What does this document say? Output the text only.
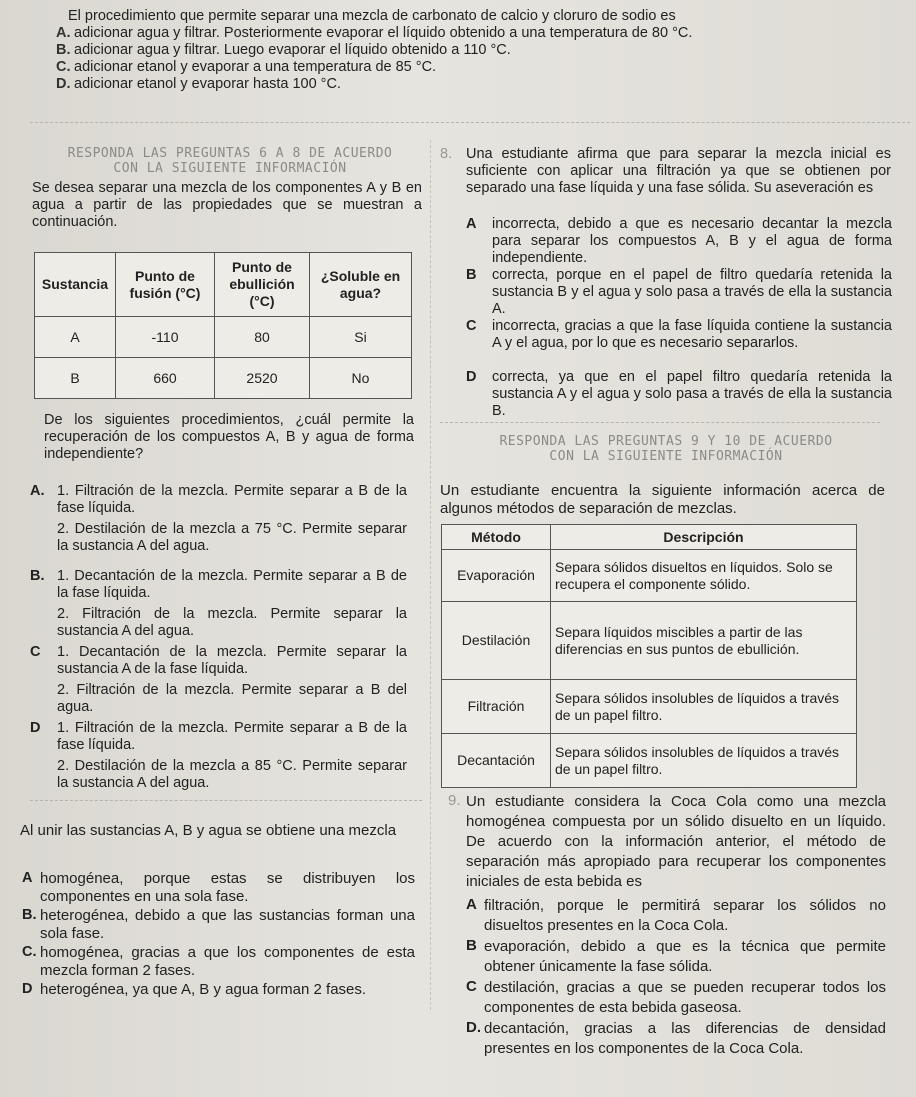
El procedimiento que permite separar una mezcla de carbonato de calcio y cloruro de sodio es
A. adicionar agua y filtrar. Posteriormente evaporar el líquido obtenido a una temperatura de 80 °C.
B. adicionar agua y filtrar. Luego evaporar el líquido obtenido a 110 °C.
C. adicionar etanol y evaporar a una temperatura de 85 °C.
D. adicionar etanol y evaporar hasta 100 °C.
RESPONDA LAS PREGUNTAS 6 A 8 DE ACUERDO
CON LA SIGUIENTE INFORMACIÓN
Se desea separar una mezcla de los componentes A y B en agua a partir de las propiedades que se muestran a continuación.
Sustancia	Punto de fusión (°C)	Punto de ebullición (°C)	¿Soluble en agua?
A	-110	80	Si
B	660	2520	No
De los siguientes procedimientos, ¿cuál permite la recuperación de los compuestos A, B y agua de forma independiente?
A. 1. Filtración de la mezcla. Permite separar a B de la fase líquida.
2. Destilación de la mezcla a 75 °C. Permite separar la sustancia A del agua.
B. 1. Decantación de la mezcla. Permite separar a B de la fase líquida.
2. Filtración de la mezcla. Permite separar la sustancia A del agua.
C 1. Decantación de la mezcla. Permite separar la sustancia A de la fase líquida.
2. Filtración de la mezcla. Permite separar a B del agua.
D 1. Filtración de la mezcla. Permite separar a B de la fase líquida.
2. Destilación de la mezcla a 85 °C. Permite separar la sustancia A del agua.
Al unir las sustancias A, B y agua se obtiene una mezcla
A homogénea, porque estas se distribuyen los componentes en una sola fase.
B. heterogénea, debido a que las sustancias forman una sola fase.
C. homogénea, gracias a que los componentes de esta mezcla forman 2 fases.
D heterogénea, ya que A, B y agua forman 2 fases.
8. Una estudiante afirma que para separar la mezcla inicial es suficiente con aplicar una filtración ya que se obtienen por separado una fase líquida y una fase sólida. Su aseveración es
A incorrecta, debido a que es necesario decantar la mezcla para separar los compuestos A, B y el agua de forma independiente.
B correcta, porque en el papel de filtro quedaría retenida la sustancia B y el agua y solo pasa a través de ella la sustancia A.
C incorrecta, gracias a que la fase líquida contiene la sustancia A y el agua, por lo que es necesario separarlos.
D correcta, ya que en el papel filtro quedaría retenida la sustancia A y el agua y solo pasa a través de ella la sustancia B.
RESPONDA LAS PREGUNTAS 9 Y 10 DE ACUERDO
CON LA SIGUIENTE INFORMACIÓN
Un estudiante encuentra la siguiente información acerca de algunos métodos de separación de mezclas.
Método	Descripción
Evaporación	Separa sólidos disueltos en líquidos. Solo se recupera el componente sólido.
Destilación	Separa líquidos miscibles a partir de las diferencias en sus puntos de ebullición.
Filtración	Separa sólidos insolubles de líquidos a través de un papel filtro.
Decantación	Separa sólidos insolubles de líquidos a través de un papel filtro.
9. Un estudiante considera la Coca Cola como una mezcla homogénea compuesta por un sólido disuelto en un líquido. De acuerdo con la información anterior, el método de separación más apropiado para recuperar los componentes iniciales de esta bebida es
A filtración, porque le permitirá separar los sólidos no disueltos presentes en la Coca Cola.
B evaporación, debido a que es la técnica que permite obtener únicamente la fase sólida.
C destilación, gracias a que se pueden recuperar todos los componentes de esta bebida gaseosa.
D. decantación, gracias a las diferencias de densidad presentes en los componentes de la Coca Cola.
